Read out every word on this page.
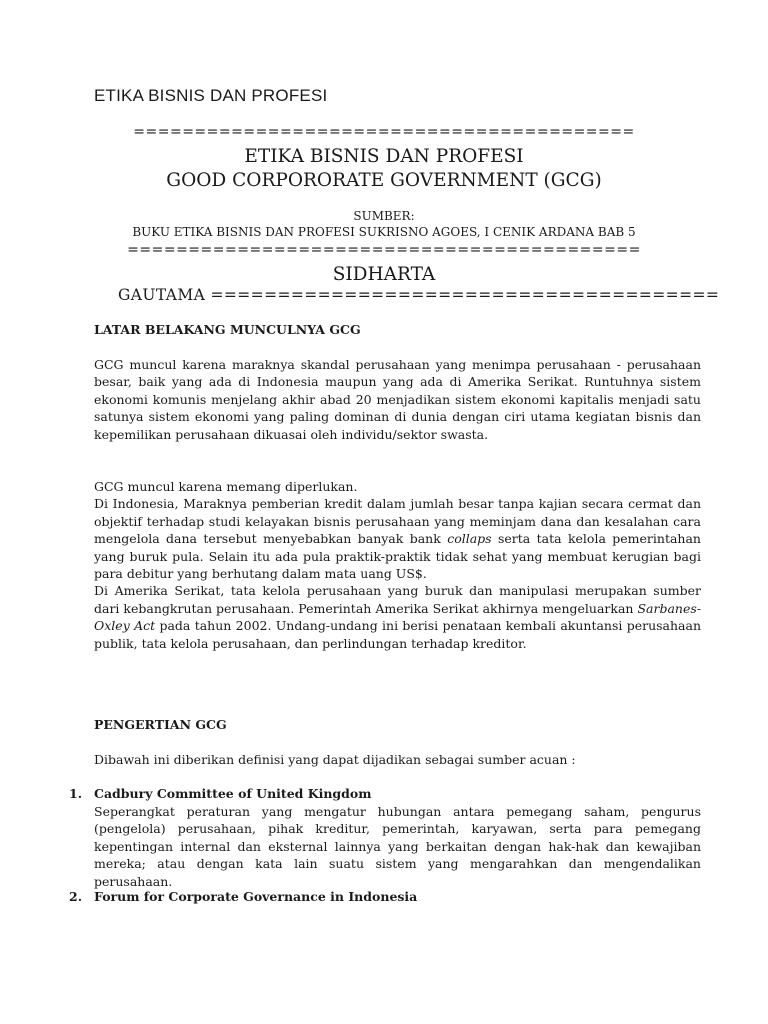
ETIKA BISNIS DAN PROFESI
=========================================
ETIKA BISNIS DAN PROFESI
GOOD CORPORORATE GOVERNMENT (GCG)
SUMBER:
BUKU ETIKA BISNIS DAN PROFESI SUKRISNO AGOES, I CENIK ARDANA BAB 5
==========================================
SIDHARTA
GAUTAMA ======================================
LATAR BELAKANG MUNCULNYA GCG

GCG muncul karena maraknya skandal perusahaan yang menimpa perusahaan - perusahaan besar, baik yang ada di Indonesia maupun yang ada di Amerika Serikat. Runtuhnya sistem ekonomi komunis menjelang akhir abad 20 menjadikan sistem ekonomi kapitalis menjadi satu satunya sistem ekonomi yang paling dominan di dunia dengan ciri utama kegiatan bisnis dan kepemilikan perusahaan dikuasai oleh individu/sektor swasta.

GCG muncul karena memang diperlukan.

Di Indonesia, Maraknya pemberian kredit dalam jumlah besar tanpa kajian secara cermat dan objektif terhadap studi kelayakan bisnis perusahaan yang meminjam dana dan kesalahan cara mengelola dana tersebut menyebabkan banyak bank collaps serta tata kelola pemerintahan yang buruk pula. Selain itu ada pula praktik-praktik tidak sehat yang membuat kerugian bagi para debitur yang berhutang dalam mata uang US$.

Di Amerika Serikat, tata kelola perusahaan yang buruk dan manipulasi merupakan sumber dari kebangkrutan perusahaan. Pemerintah Amerika Serikat akhirnya mengeluarkan Sarbanes-Oxley Act pada tahun 2002. Undang-undang ini berisi penataan kembali akuntansi perusahaan publik, tata kelola perusahaan, dan perlindungan terhadap kreditor.

PENGERTIAN GCG
Dibawah ini diberikan definisi yang dapat dijadikan sebagai sumber acuan :
1. Cadbury Committee of United Kingdom
Seperangkat peraturan yang mengatur hubungan antara pemegang saham, pengurus (pengelola) perusahaan, pihak kreditur, pemerintah, karyawan, serta para pemegang kepentingan internal dan eksternal lainnya yang berkaitan dengan hak-hak dan kewajiban mereka; atau dengan kata lain suatu sistem yang mengarahkan dan mengendalikan perusahaan.
2. Forum for Corporate Governance in Indonesia
